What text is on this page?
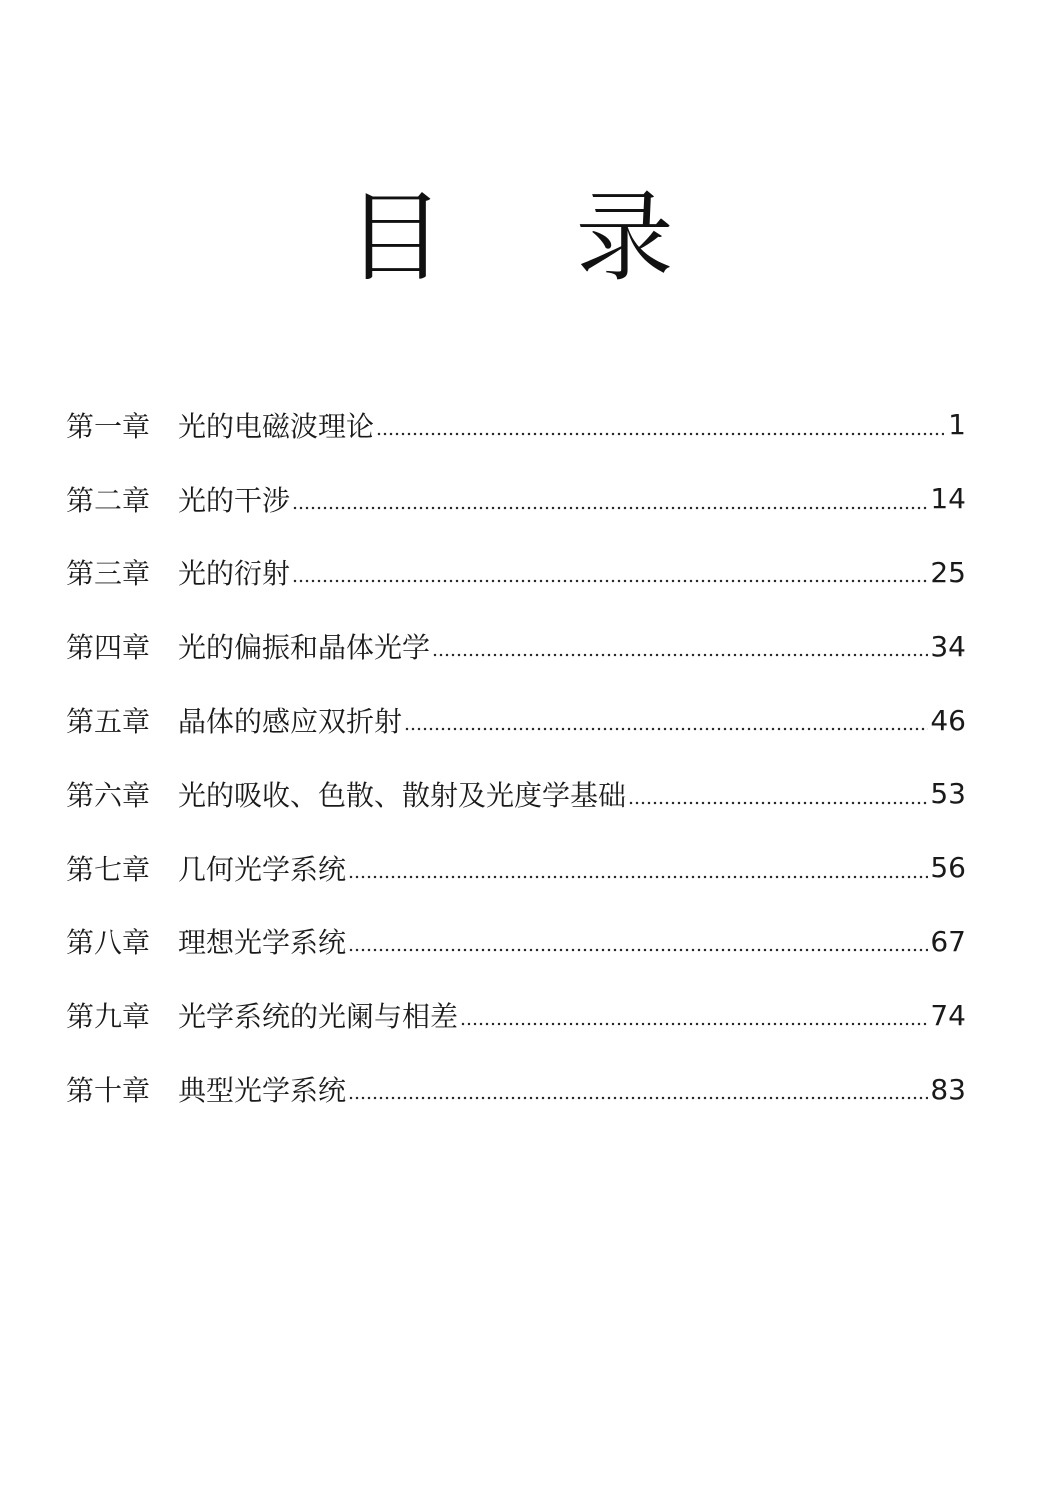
目 录
第一章 光的电磁波理论	1
第二章 光的干涉	14
第三章 光的衍射	25
第四章 光的偏振和晶体光学	34
第五章 晶体的感应双折射	46
第六章 光的吸收、色散、散射及光度学基础	53
第七章 几何光学系统	56
第八章 理想光学系统	67
第九章 光学系统的光阑与相差	74
第十章 典型光学系统	83
